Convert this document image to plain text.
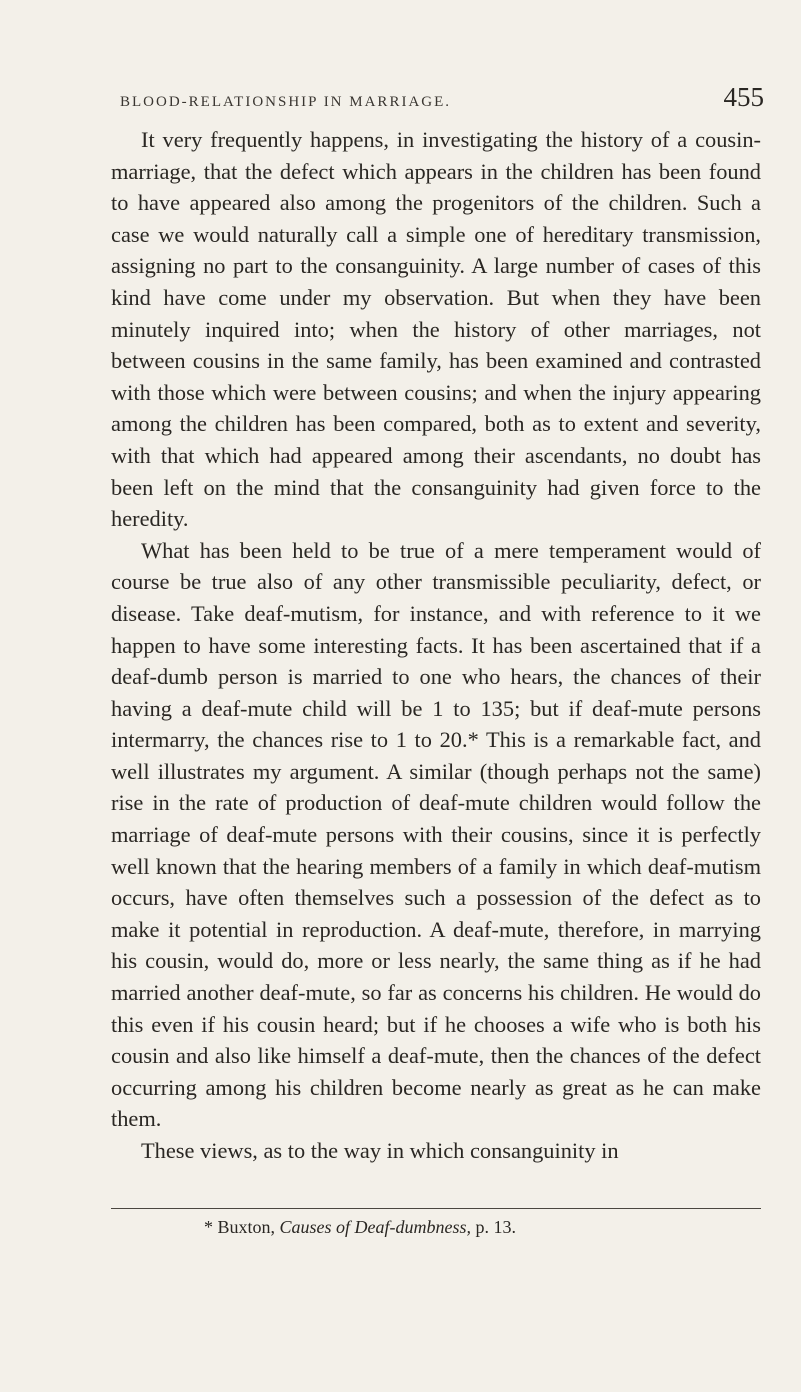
BLOOD-RELATIONSHIP IN MARRIAGE.	455

It very frequently happens, in investigating the history of a cousin-marriage, that the defect which appears in the children has been found to have appeared also among the progenitors of the children. Such a case we would naturally call a simple one of hereditary transmission, assigning no part to the consanguinity. A large number of cases of this kind have come under my observation. But when they have been minutely inquired into; when the history of other marriages, not between cousins in the same family, has been examined and contrasted with those which were between cousins; and when the injury appearing among the children has been compared, both as to extent and severity, with that which had appeared among their ascendants, no doubt has been left on the mind that the consanguinity had given force to the heredity.

What has been held to be true of a mere temperament would of course be true also of any other transmissible peculiarity, defect, or disease. Take deaf-mutism, for instance, and with reference to it we happen to have some interesting facts. It has been ascertained that if a deaf-dumb person is married to one who hears, the chances of their having a deaf-mute child will be 1 to 135; but if deaf-mute persons intermarry, the chances rise to 1 to 20.* This is a remarkable fact, and well illustrates my argument. A similar (though perhaps not the same) rise in the rate of production of deaf-mute children would follow the marriage of deaf-mute persons with their cousins, since it is perfectly well known that the hearing members of a family in which deaf-mutism occurs, have often themselves such a possession of the defect as to make it potential in reproduction. A deaf-mute, therefore, in marrying his cousin, would do, more or less nearly, the same thing as if he had married another deaf-mute, so far as concerns his children. He would do this even if his cousin heard; but if he chooses a wife who is both his cousin and also like himself a deaf-mute, then the chances of the defect occurring among his children become nearly as great as he can make them.

These views, as to the way in which consanguinity in

* Buxton, Causes of Deaf-dumbness, p. 13.
